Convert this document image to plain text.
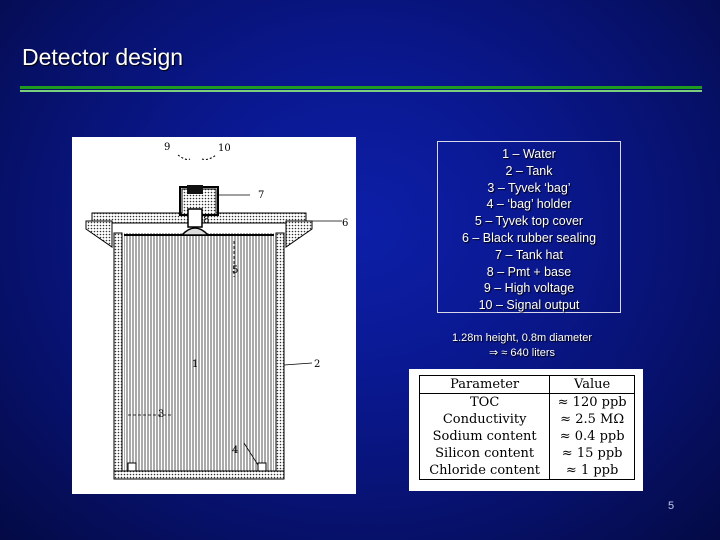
Detector design
9	10
7
8	6
5
1	2
3
4
1 – Water
2 – Tank
3 – Tyvek ‘bag’
4 – ‘bag’ holder
5 – Tyvek top cover
6 – Black rubber sealing
7 – Tank hat
8 – Pmt + base
9 – High voltage
10 – Signal output
1.28m height, 0.8m diameter
⇒ ≈ 640 liters
Parameter	Value
TOC	≈ 120 ppb
Conductivity	≈ 2.5 MΩ
Sodium content	≈ 0.4 ppb
Silicon content	≈ 15 ppb
Chloride content	≈ 1 ppb
5
